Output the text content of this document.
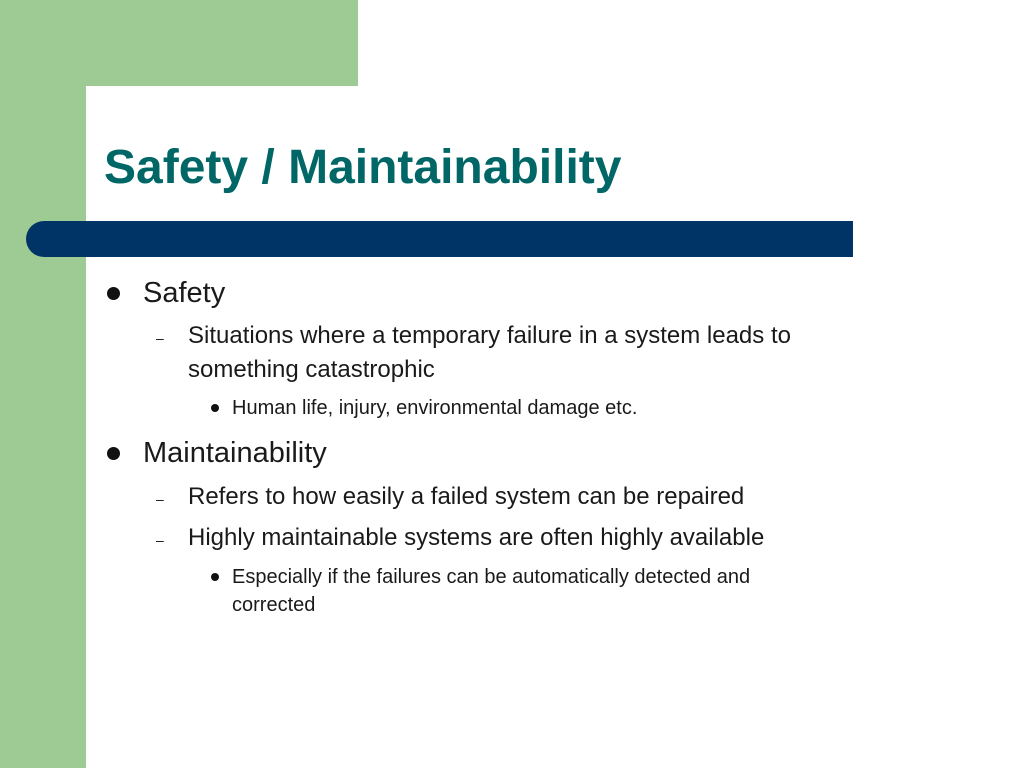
Safety / Maintainability
Safety
– Situations where a temporary failure in a system leads to
something catastrophic
Human life, injury, environmental damage etc.
Maintainability
– Refers to how easily a failed system can be repaired
– Highly maintainable systems are often highly available
Especially if the failures can be automatically detected and
corrected
